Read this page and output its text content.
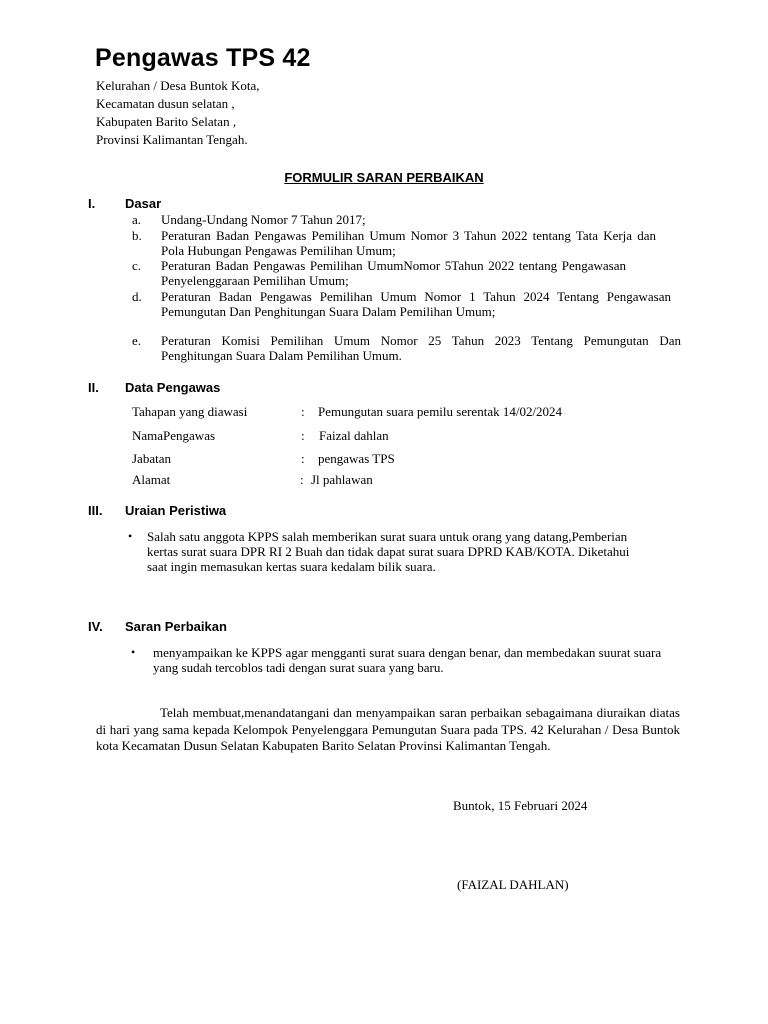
Pengawas TPS 42
Kelurahan / Desa Buntok Kota,
Kecamatan dusun selatan ,
Kabupaten Barito Selatan ,
Provinsi Kalimantan Tengah.
FORMULIR SARAN PERBAIKAN
I. Dasar
a. Undang-Undang Nomor 7 Tahun 2017;
b. Peraturan Badan Pengawas Pemilihan Umum Nomor 3 Tahun 2022 tentang Tata Kerja dan Pola Hubungan Pengawas Pemilihan Umum;
c. Peraturan Badan Pengawas Pemilihan UmumNomor 5Tahun 2022 tentang Pengawasan Penyelenggaraan Pemilihan Umum;
d. Peraturan Badan Pengawas Pemilihan Umum Nomor 1 Tahun 2024 Tentang Pengawasan Pemungutan Dan Penghitungan Suara Dalam Pemilihan Umum;
e. Peraturan Komisi Pemilihan Umum Nomor 25 Tahun 2023 Tentang Pemungutan Dan Penghitungan Suara Dalam Pemilihan Umum.
II. Data Pengawas
Tahapan yang diawasi	: Pemungutan suara pemilu serentak 14/02/2024
NamaPengawas	: Faizal dahlan
Jabatan	: pengawas TPS
Alamat	: Jl pahlawan
III. Uraian Peristiwa
• Salah satu anggota KPPS salah memberikan surat suara untuk orang yang datang,Pemberian kertas surat suara DPR RI 2 Buah dan tidak dapat surat suara DPRD KAB/KOTA. Diketahui saat ingin memasukan kertas suara kedalam bilik suara.
IV. Saran Perbaikan
• menyampaikan ke KPPS agar mengganti surat suara dengan benar, dan membedakan suurat suara yang sudah tercoblos tadi dengan surat suara yang baru.
Telah membuat,menandatangani dan menyampaikan saran perbaikan sebagaimana diuraikan diatas di hari yang sama kepada Kelompok Penyelenggara Pemungutan Suara pada TPS. 42 Kelurahan / Desa Buntok kota Kecamatan Dusun Selatan Kabupaten Barito Selatan Provinsi Kalimantan Tengah.
Buntok, 15 Februari 2024
(FAIZAL DAHLAN)
